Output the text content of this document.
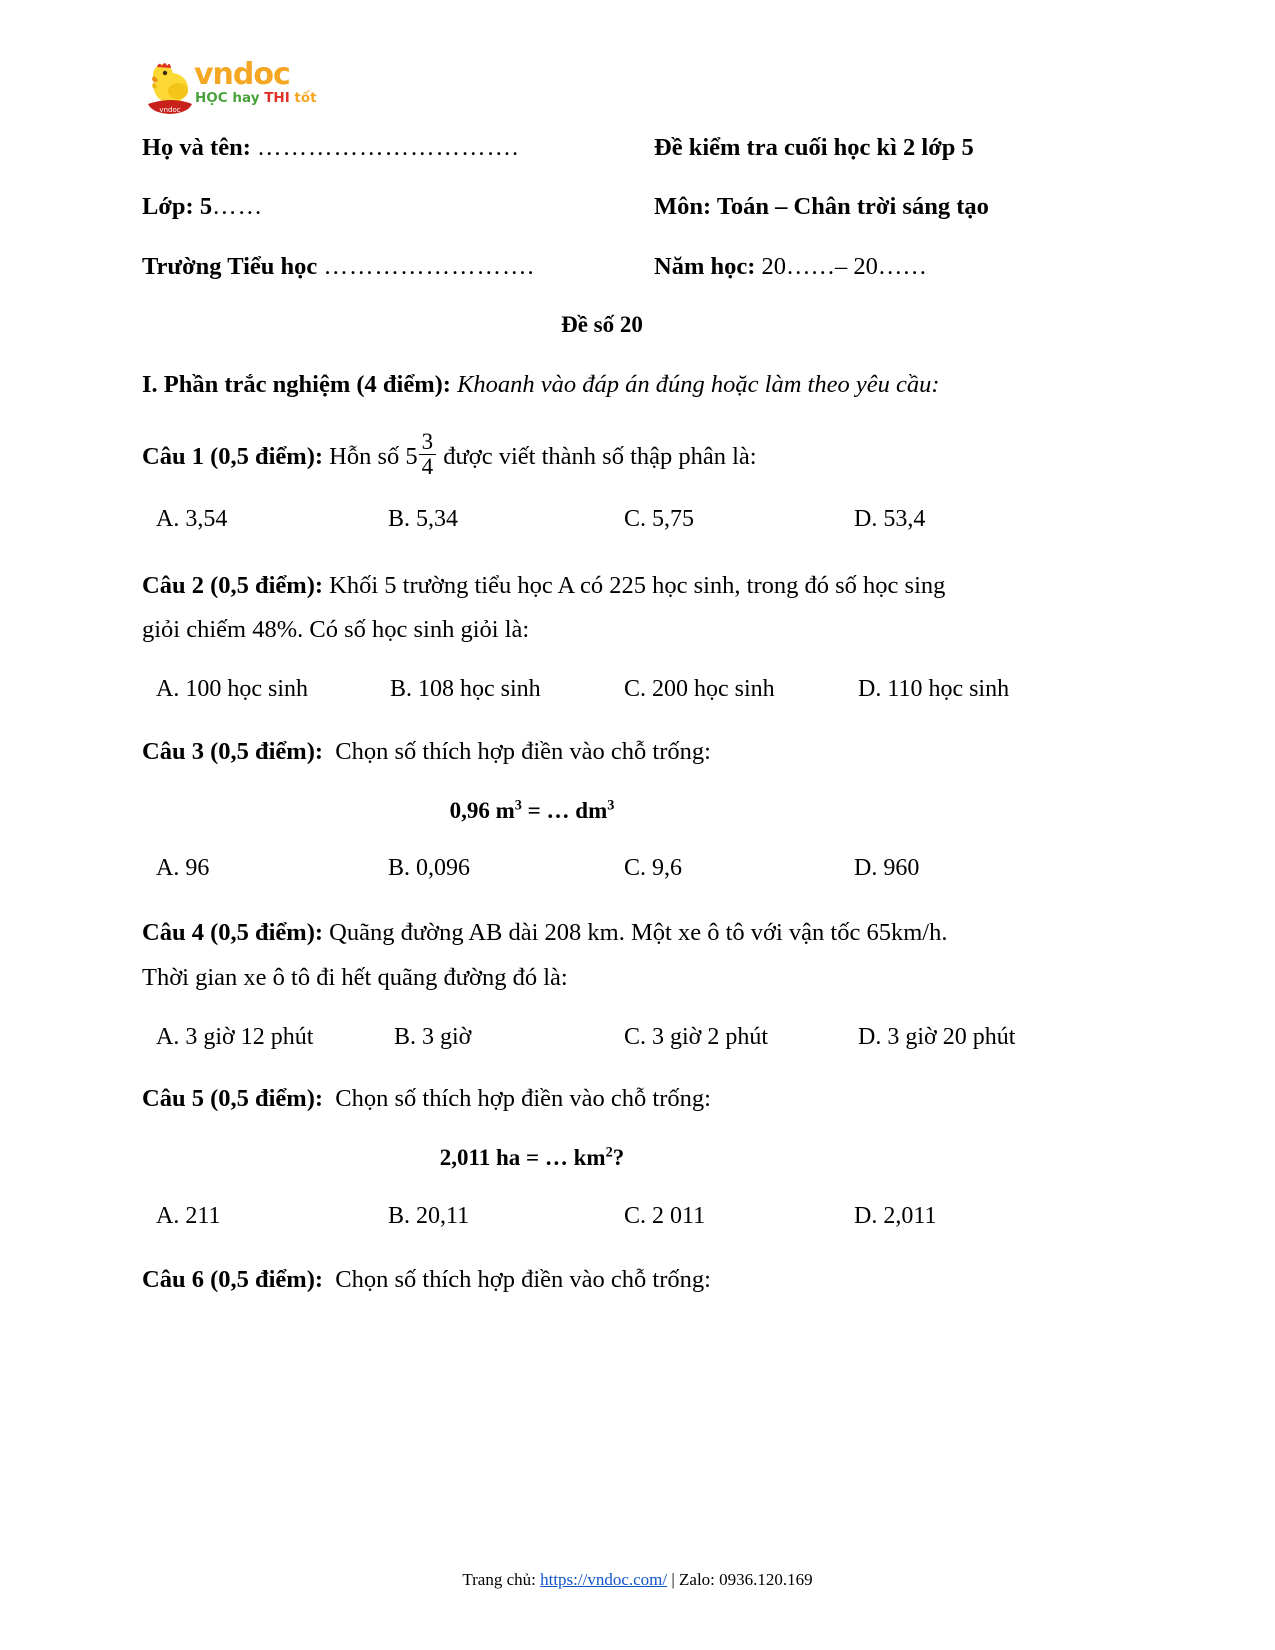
vndoc
vndoc
HỌC hay THI tốt
Họ và tên: ………………………….	Đề kiểm tra cuối học kì 2 lớp 5
Lớp: 5……	Môn: Toán – Chân trời sáng tạo
Trường Tiểu học …………………….	Năm học: 20……– 20……
Đề số 20
I. Phần trắc nghiệm (4 điểm): Khoanh vào đáp án đúng hoặc làm theo yêu cầu:
Câu 1 (0,5 điểm): Hỗn số $5 \frac{3}{4}$ được viết thành số thập phân là:
A. 3,54	B. 5,34	C. 5,75	D. 53,4
Câu 2 (0,5 điểm): Khối 5 trường tiểu học A có 225 học sinh, trong đó số học sing
giỏi chiếm 48%. Có số học sinh giỏi là:
A. 100 học sinh	B. 108 học sinh	C. 200 học sinh	D. 110 học sinh
Câu 3 (0,5 điểm): Chọn số thích hợp điền vào chỗ trống:
0,96 $m^3$ = … $dm^3$
A. 96	B. 0,096	C. 9,6	D. 960
Câu 4 (0,5 điểm): Quãng đường AB dài 208 km. Một xe ô tô với vận tốc 65km/h.
Thời gian xe ô tô đi hết quãng đường đó là:
A. 3 giờ 12 phút	B. 3 giờ	C. 3 giờ 2 phút	D. 3 giờ 20 phút
Câu 5 (0,5 điểm): Chọn số thích hợp điền vào chỗ trống:
2,011 ha = … $km^2$?
A. 211	B. 20,11	C. 2 011	D. 2,011
Câu 6 (0,5 điểm): Chọn số thích hợp điền vào chỗ trống:
Trang chủ: https://vndoc.com/ | Zalo: 0936.120.169
